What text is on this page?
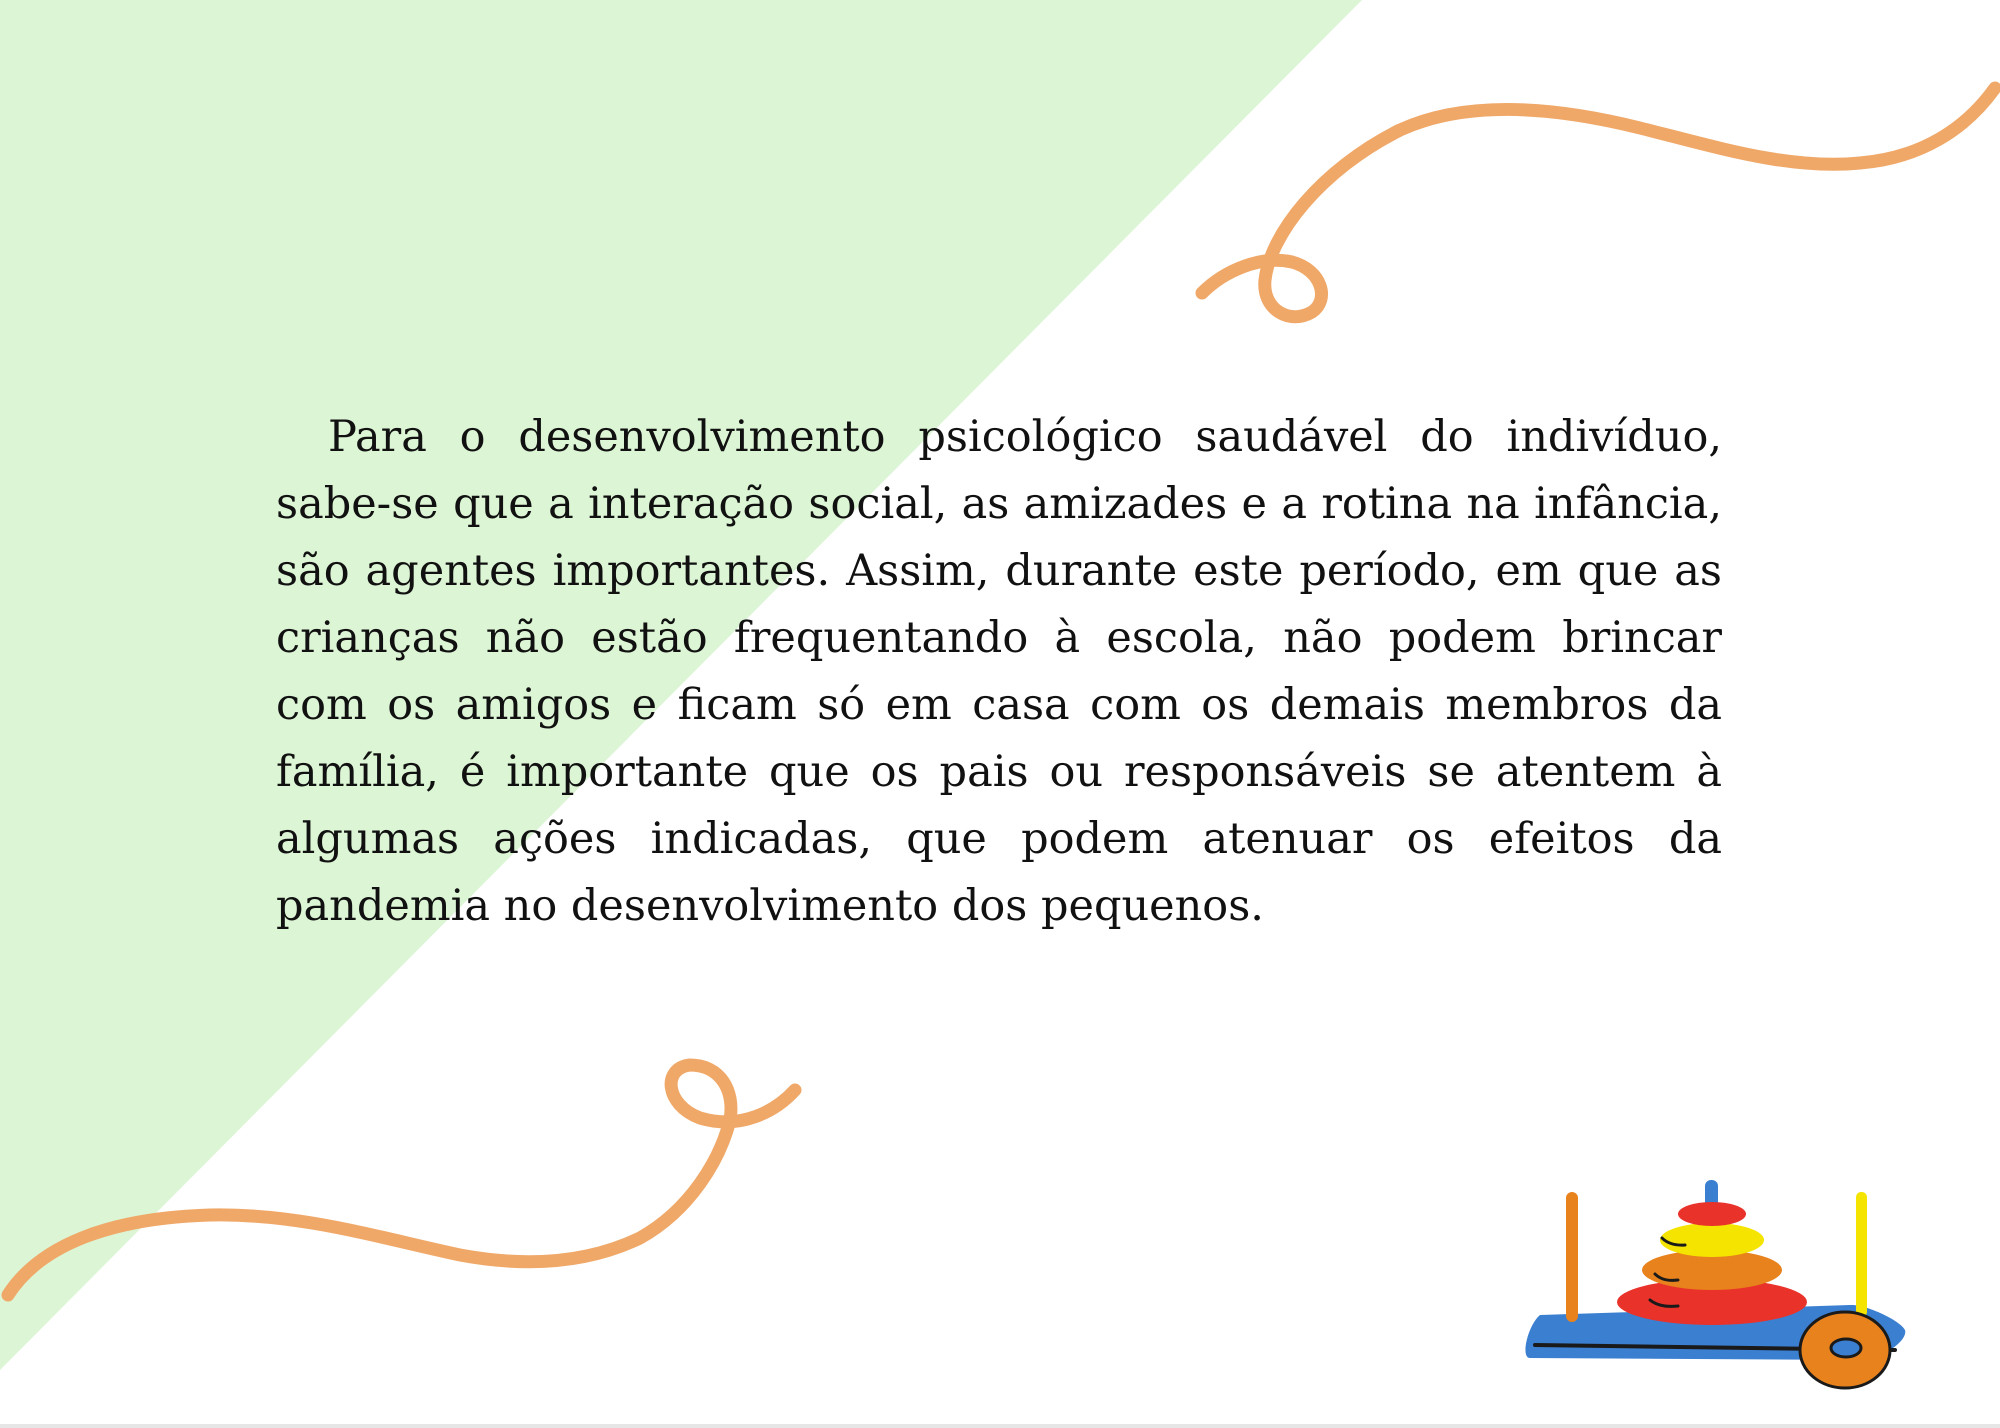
Para o desenvolvimento psicológico saudável do indivíduo, sabe-se que a interação social, as amizades e a rotina na infância, são agentes importantes. Assim, durante este período, em que as crianças não estão frequentando à escola, não podem brincar com os amigos e ficam só em casa com os demais membros da família, é importante que os pais ou responsáveis se atentem à algumas ações indicadas, que podem atenuar os efeitos da pandemia no desenvolvimento dos pequenos.
